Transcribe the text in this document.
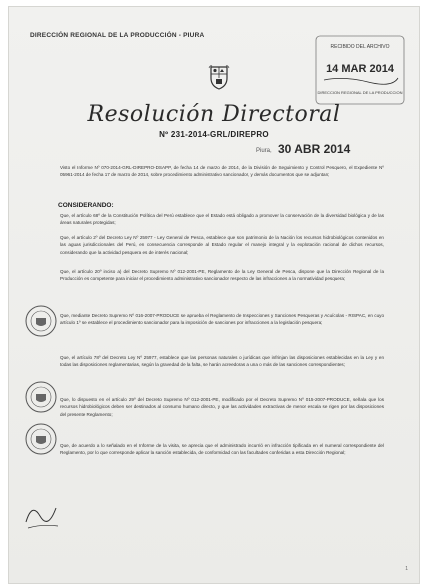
DIRECCIÓN REGIONAL DE LA PRODUCCIÓN - PIURA
RECIBIDO DEL ARCHIVO
14 MAR 2014
DIRECCION REGIONAL DE LA PRODUCCION
Resolución Directoral
Nº 231-2014-GRL/DIREPRO
Piura, 30 ABR 2014
Visto el Informe Nº 070-2014-GRL-DIREPRO-DSAPP, de fecha 14 de marzo de 2014, de la División de Seguimiento y Control Pesquero, el Expediente Nº 05961-2014 de fecha 17 de marzo de 2014, sobre procedimiento administrativo sancionador, y demás documentos que se adjuntan;
CONSIDERANDO:
Que, el artículo 68º de la Constitución Política del Perú establece que el Estado está obligado a promover la conservación de la diversidad biológica y de las áreas naturales protegidas;
Que, el artículo 2º del Decreto Ley Nº 25977 - Ley General de Pesca, establece que son patrimonio de la Nación los recursos hidrobiológicos contenidos en las aguas jurisdiccionales del Perú, en consecuencia corresponde al Estado regular el manejo integral y la explotación racional de dichos recursos, considerando que la actividad pesquera es de interés nacional;
Que, el artículo 20º inciso a) del Decreto Supremo Nº 012-2001-PE, Reglamento de la Ley General de Pesca, dispone que la Dirección Regional de la Producción es competente para iniciar el procedimiento administrativo sancionador respecto de las infracciones a la normatividad pesquera;
Que, mediante Decreto Supremo Nº 016-2007-PRODUCE se aprueba el Reglamento de Inspecciones y Sanciones Pesqueras y Acuícolas - RISPAC, en cuyo artículo 1º se establece el procedimiento sancionador para la imposición de sanciones por infracciones a la legislación pesquera;
Que, el artículo 78º del Decreto Ley Nº 25977, establece que las personas naturales o jurídicas que infrinjan las disposiciones establecidas en la Ley y en todas las disposiciones reglamentarias, según la gravedad de la falta, se harán acreedoras a una o más de las sanciones correspondientes;
Que, lo dispuesto en el artículo 29º del Decreto Supremo Nº 012-2001-PE, modificado por el Decreto Supremo Nº 015-2007-PRODUCE, señala que los recursos hidrobiológicos deben ser destinados al consumo humano directo, y que las actividades extractivas de menor escala se rigen por las disposiciones del presente Reglamento;
Que, de acuerdo a lo señalado en el Informe de la visita, se aprecia que el administrado incurrió en infracción tipificada en el numeral correspondiente del Reglamento, por lo que corresponde aplicar la sanción establecida, de conformidad con las facultades conferidas a esta Dirección Regional;
1
